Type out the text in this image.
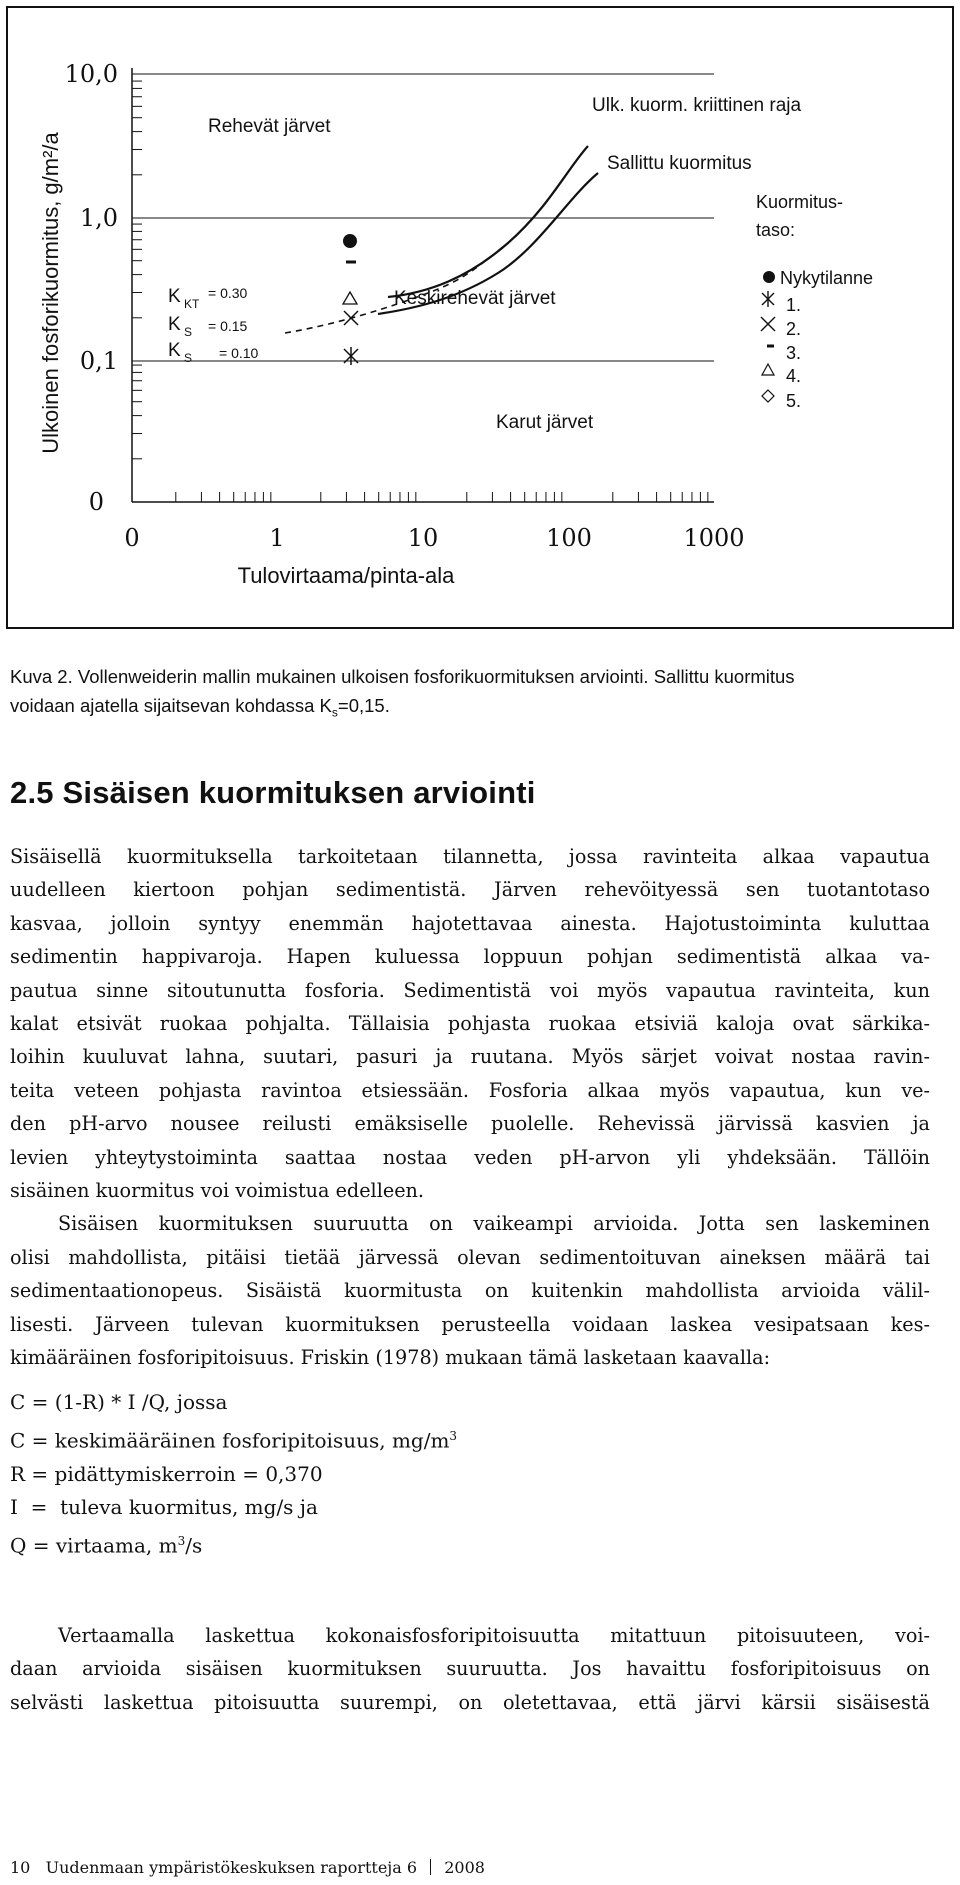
10,0
1,0
0,1
0
0	1	10	100	1000
Ulkoinen fosforikuormitus, g/m²/a
Tulovirtaama/pinta-ala
Rehevät järvet
Keskirehevät järvet
Karut järvet
Ulk. kuorm. kriittinen raja
Sallittu kuormitus
K KT
= 0.30
K S = 0.15
K S = 0.10
Kuormitus-
taso:
Nykytilanne
1.
2.
3.
4.
5.
Kuva 2. Vollenweiderin mallin mukainen ulkoisen fosforikuormituksen arviointi. Sallittu kuormitus
voidaan ajatella sijaitsevan kohdassa $K_s=0,15$.
2.5 Sisäisen kuormituksen arviointi
Sisäisellä kuormituksella tarkoitetaan tilannetta, jossa ravinteita alkaa vapautua
uudelleen kiertoon pohjan sedimentistä. Järven rehevöityessä sen tuotantotaso
kasvaa, jolloin syntyy enemmän hajotettavaa ainesta. Hajotustoiminta kuluttaa
sedimentin happivaroja. Hapen kuluessa loppuun pohjan sedimentistä alkaa va-
pautua sinne sitoutunutta fosforia. Sedimentistä voi myös vapautua ravinteita, kun
kalat etsivät ruokaa pohjalta. Tällaisia pohjasta ruokaa etsiviä kaloja ovat särkika-
loihin kuuluvat lahna, suutari, pasuri ja ruutana. Myös särjet voivat nostaa ravin-
teita veteen pohjasta ravintoa etsiessään. Fosforia alkaa myös vapautua, kun ve-
den pH-arvo nousee reilusti emäksiselle puolelle. Rehevissä järvissä kasvien ja
levien yhteytystoiminta saattaa nostaa veden pH-arvon yli yhdeksään. Tällöin
sisäinen kuormitus voi voimistua edelleen.
Sisäisen kuormituksen suuruutta on vaikeampi arvioida. Jotta sen laskeminen
olisi mahdollista, pitäisi tietää järvessä olevan sedimentoituvan aineksen määrä tai
sedimentaationopeus. Sisäistä kuormitusta on kuitenkin mahdollista arvioida välil-
lisesti. Järveen tulevan kuormituksen perusteella voidaan laskea vesipatsaan kes-
kimääräinen fosforipitoisuus. Friskin (1978) mukaan tämä lasketaan kaavalla:
C = (1-R) * I /Q, jossa
C = keskimääräinen fosforipitoisuus, $mg/m^3$
R = pidättymiskerroin = 0,370
I  =  tuleva kuormitus, mg/s ja
Q = virtaama, $m^3/s$
Vertaamalla laskettua kokonaisfosforipitoisuutta mitattuun pitoisuuteen, voi-
daan arvioida sisäisen kuormituksen suuruutta. Jos havaittu fosforipitoisuus on
selvästi laskettua pitoisuutta suurempi, on oletettavaa, että järvi kärsii sisäisestä
10 Uudenmaan ympäristökeskuksen raportteja 6 2008
